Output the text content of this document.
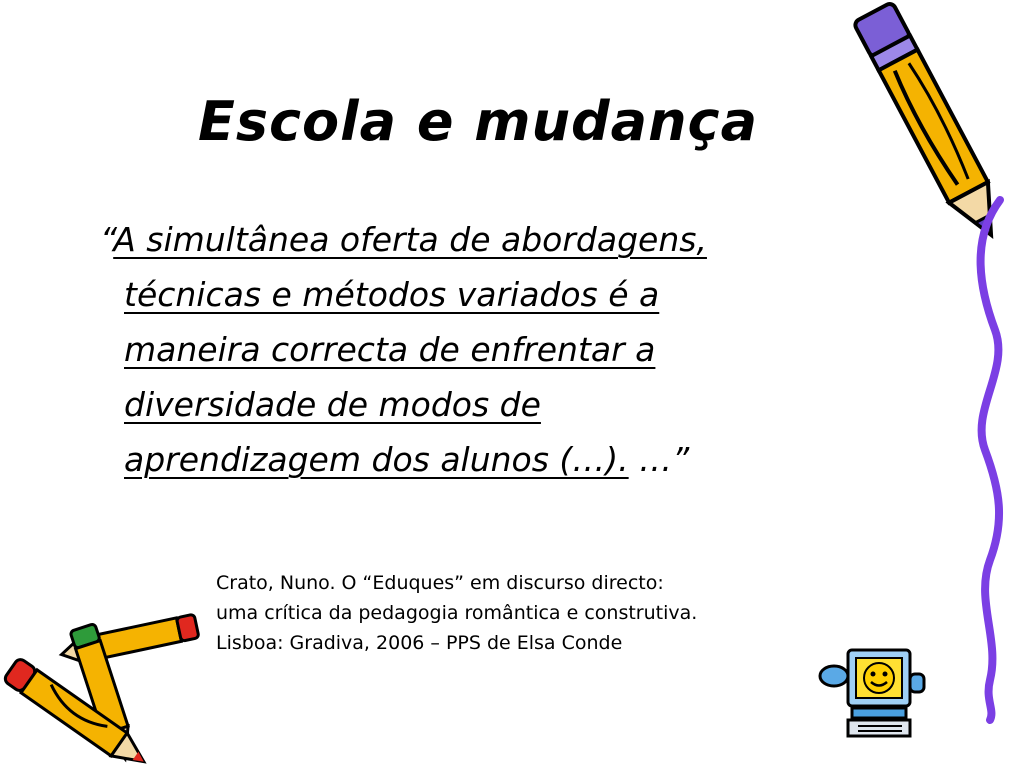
Escola e mudança
“A simultânea oferta de abordagens,
técnicas e métodos variados é a
maneira correcta de enfrentar a
diversidade de modos de
aprendizagem dos alunos (…). …”
Crato, Nuno. O “Eduques” em discurso directo:
uma crítica da pedagogia romântica e construtiva.
Lisboa: Gradiva, 2006 – PPS de Elsa Conde
